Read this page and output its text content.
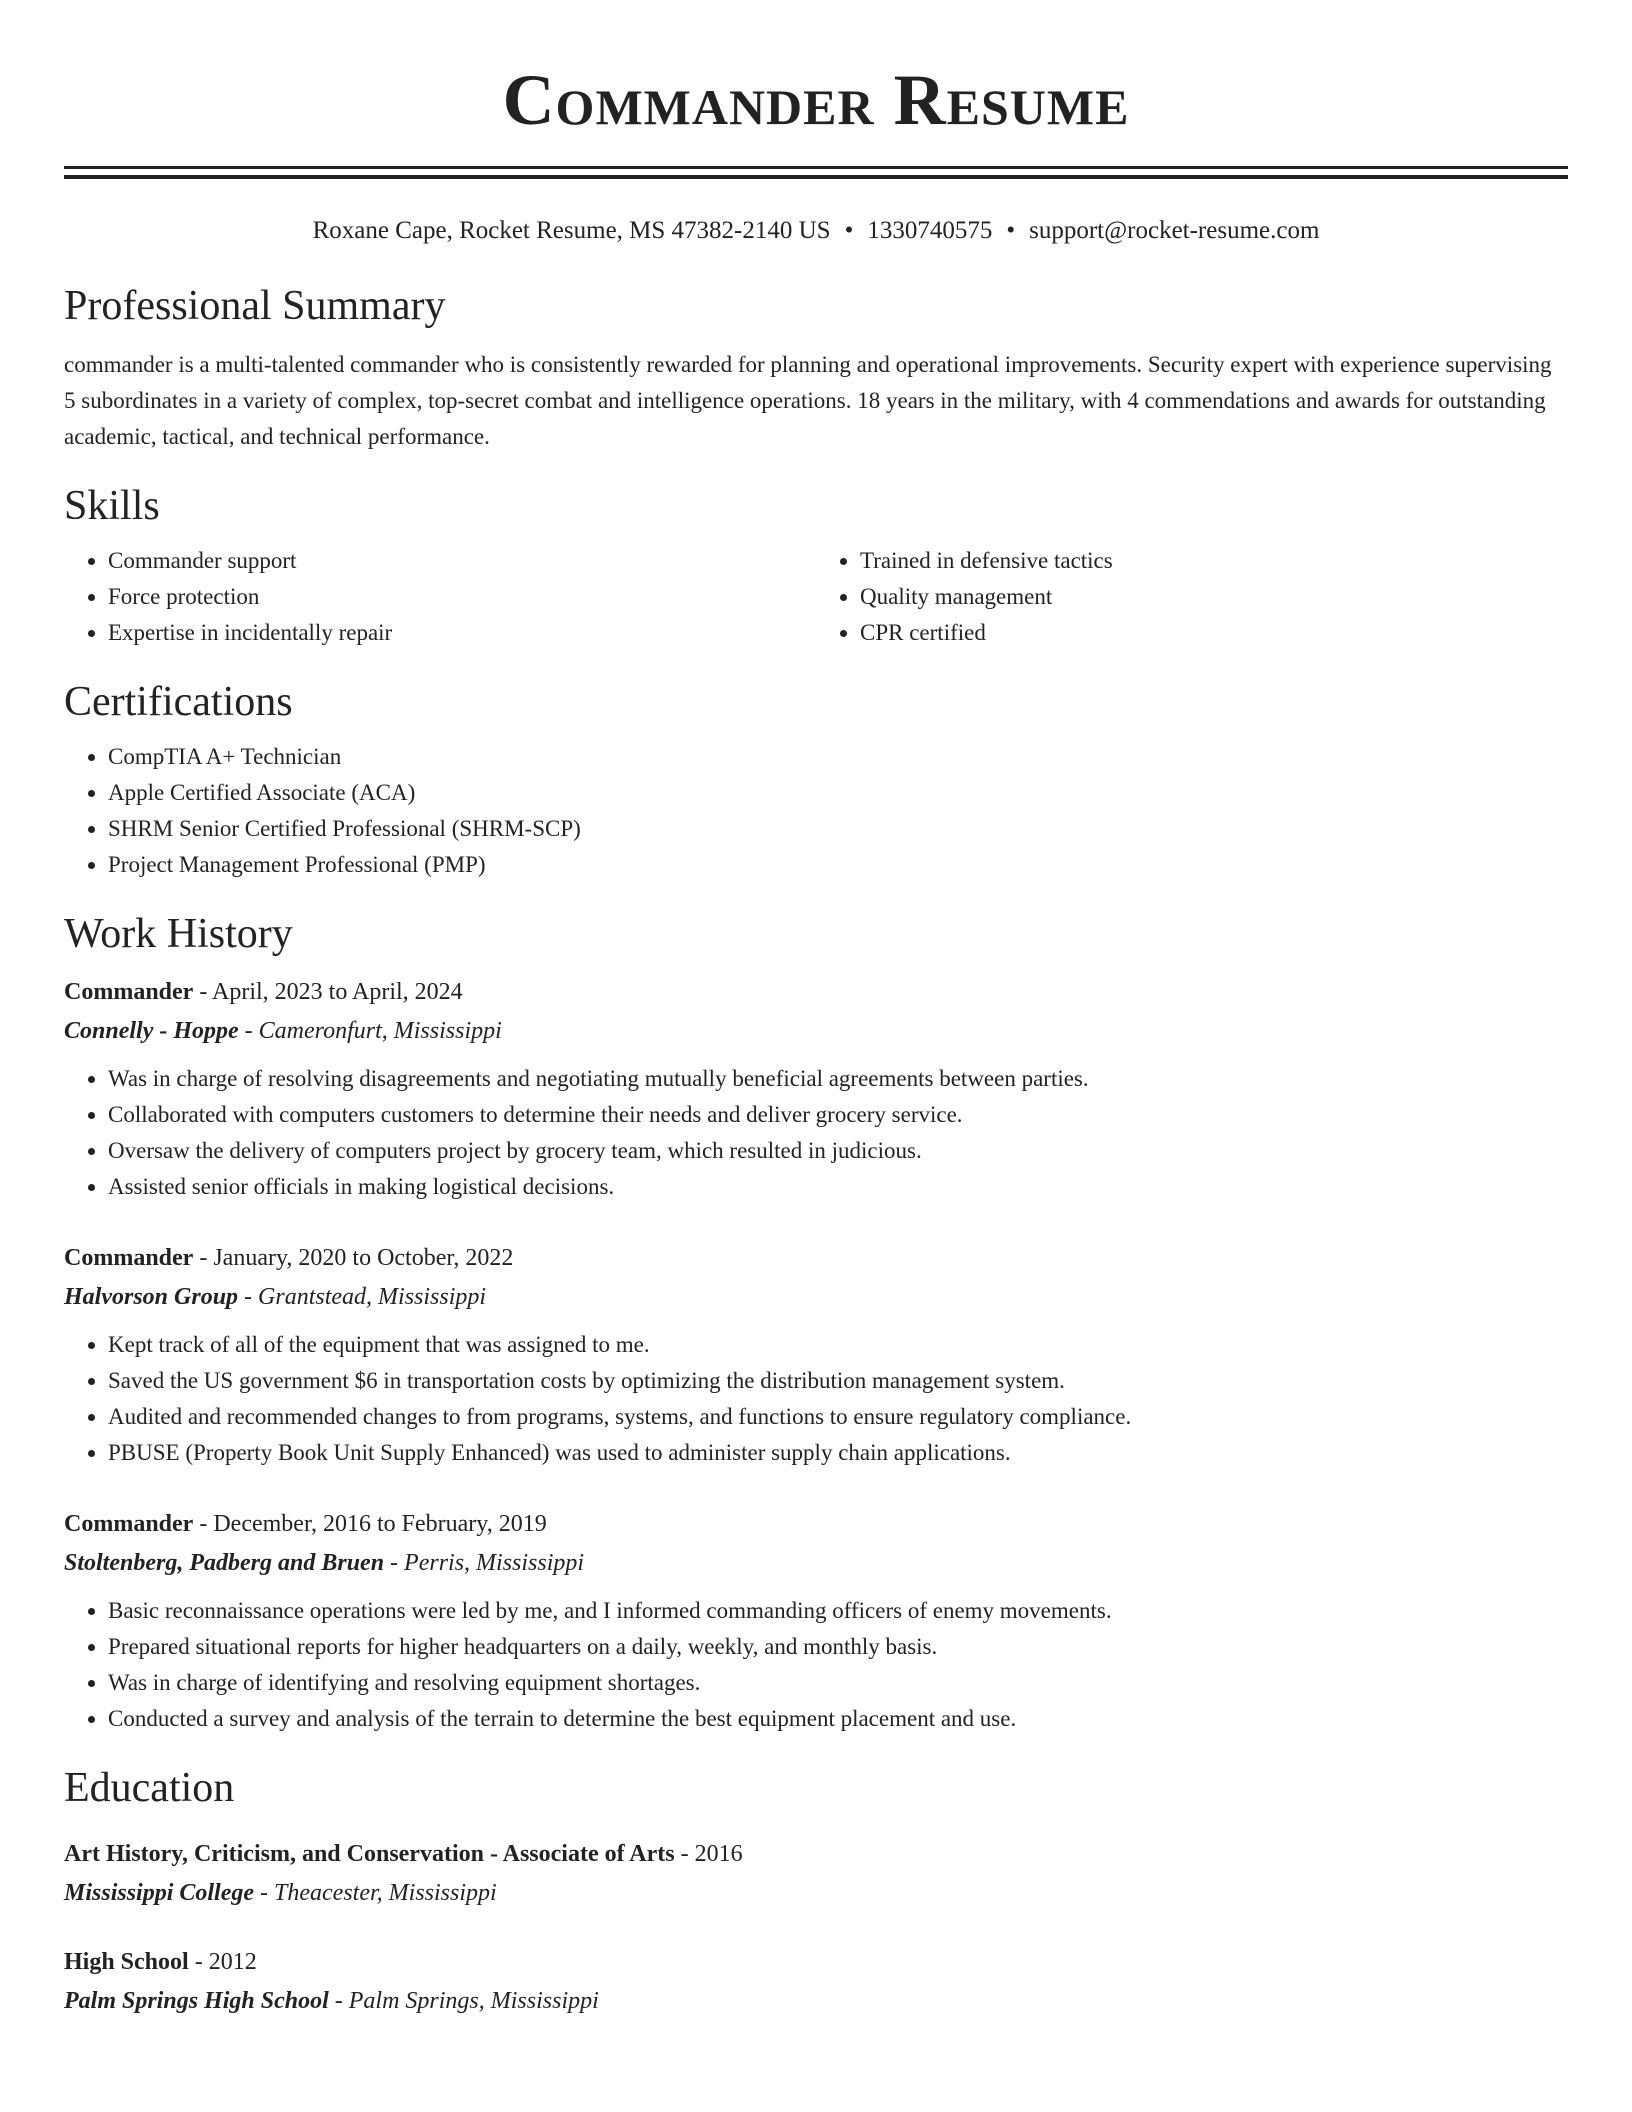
Commander Resume
Roxane Cape, Rocket Resume, MS 47382-2140 US • 1330740575 • support@rocket-resume.com
Professional Summary

commander is a multi-talented commander who is consistently rewarded for planning and operational improvements. Security expert with experience supervising 5 subordinates in a variety of complex, top-secret combat and intelligence operations. 18 years in the military, with 4 commendations and awards for outstanding academic, tactical, and technical performance.

Skills
• Commander support
• Force protection
• Expertise in incidentally repair
• Trained in defensive tactics
• Quality management
• CPR certified
Certifications
• CompTIA A+ Technician
• Apple Certified Associate (ACA)
• SHRM Senior Certified Professional (SHRM-SCP)
• Project Management Professional (PMP)
Work History
Commander - April, 2023 to April, 2024
Connelly - Hoppe - Cameronfurt, Mississippi
• Was in charge of resolving disagreements and negotiating mutually beneficial agreements between parties.
• Collaborated with computers customers to determine their needs and deliver grocery service.
• Oversaw the delivery of computers project by grocery team, which resulted in judicious.
• Assisted senior officials in making logistical decisions.
Commander - January, 2020 to October, 2022
Halvorson Group - Grantstead, Mississippi
• Kept track of all of the equipment that was assigned to me.
• Saved the US government $6 in transportation costs by optimizing the distribution management system.
• Audited and recommended changes to from programs, systems, and functions to ensure regulatory compliance.
• PBUSE (Property Book Unit Supply Enhanced) was used to administer supply chain applications.
Commander - December, 2016 to February, 2019
Stoltenberg, Padberg and Bruen - Perris, Mississippi
• Basic reconnaissance operations were led by me, and I informed commanding officers of enemy movements.
• Prepared situational reports for higher headquarters on a daily, weekly, and monthly basis.
• Was in charge of identifying and resolving equipment shortages.
• Conducted a survey and analysis of the terrain to determine the best equipment placement and use.
Education
Art History, Criticism, and Conservation - Associate of Arts - 2016
Mississippi College - Theacester, Mississippi
High School - 2012
Palm Springs High School - Palm Springs, Mississippi
